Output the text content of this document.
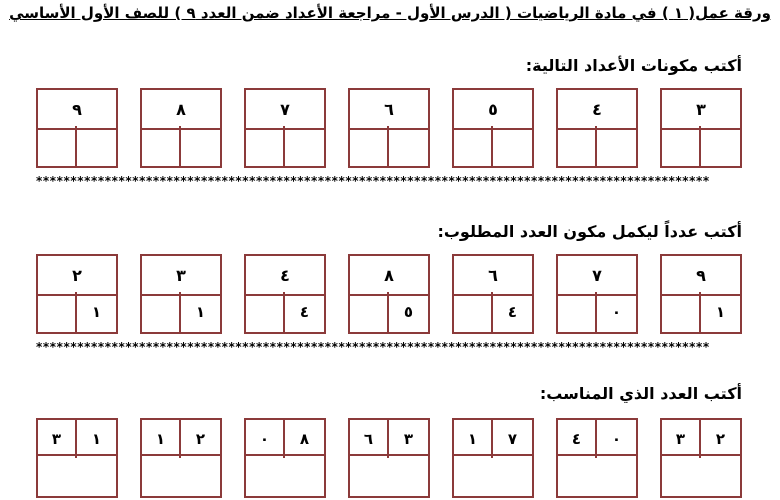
ورقة عمل( ١ ) في مادة الرياضيات ( الدرس الأول - مراجعة الأعداد ضمن العدد ٩ ) للصف الأول الأساسي
أكتب مكونات الأعداد التالية:
٩	٨	٧	٦	٥	٤	٣
**************************************************************************************************
أكتب عدداً ليكمل مكون العدد المطلوب:
٢
١
٣
١
٤
٤
٨
٥
٦
٤
٧
٠
٩
١
**************************************************************************************************
أكتب العدد الذي المناسب:
٣	١	١	٢	٠	٨	٦	٣	١	٧	٤	٠	٣	٢
